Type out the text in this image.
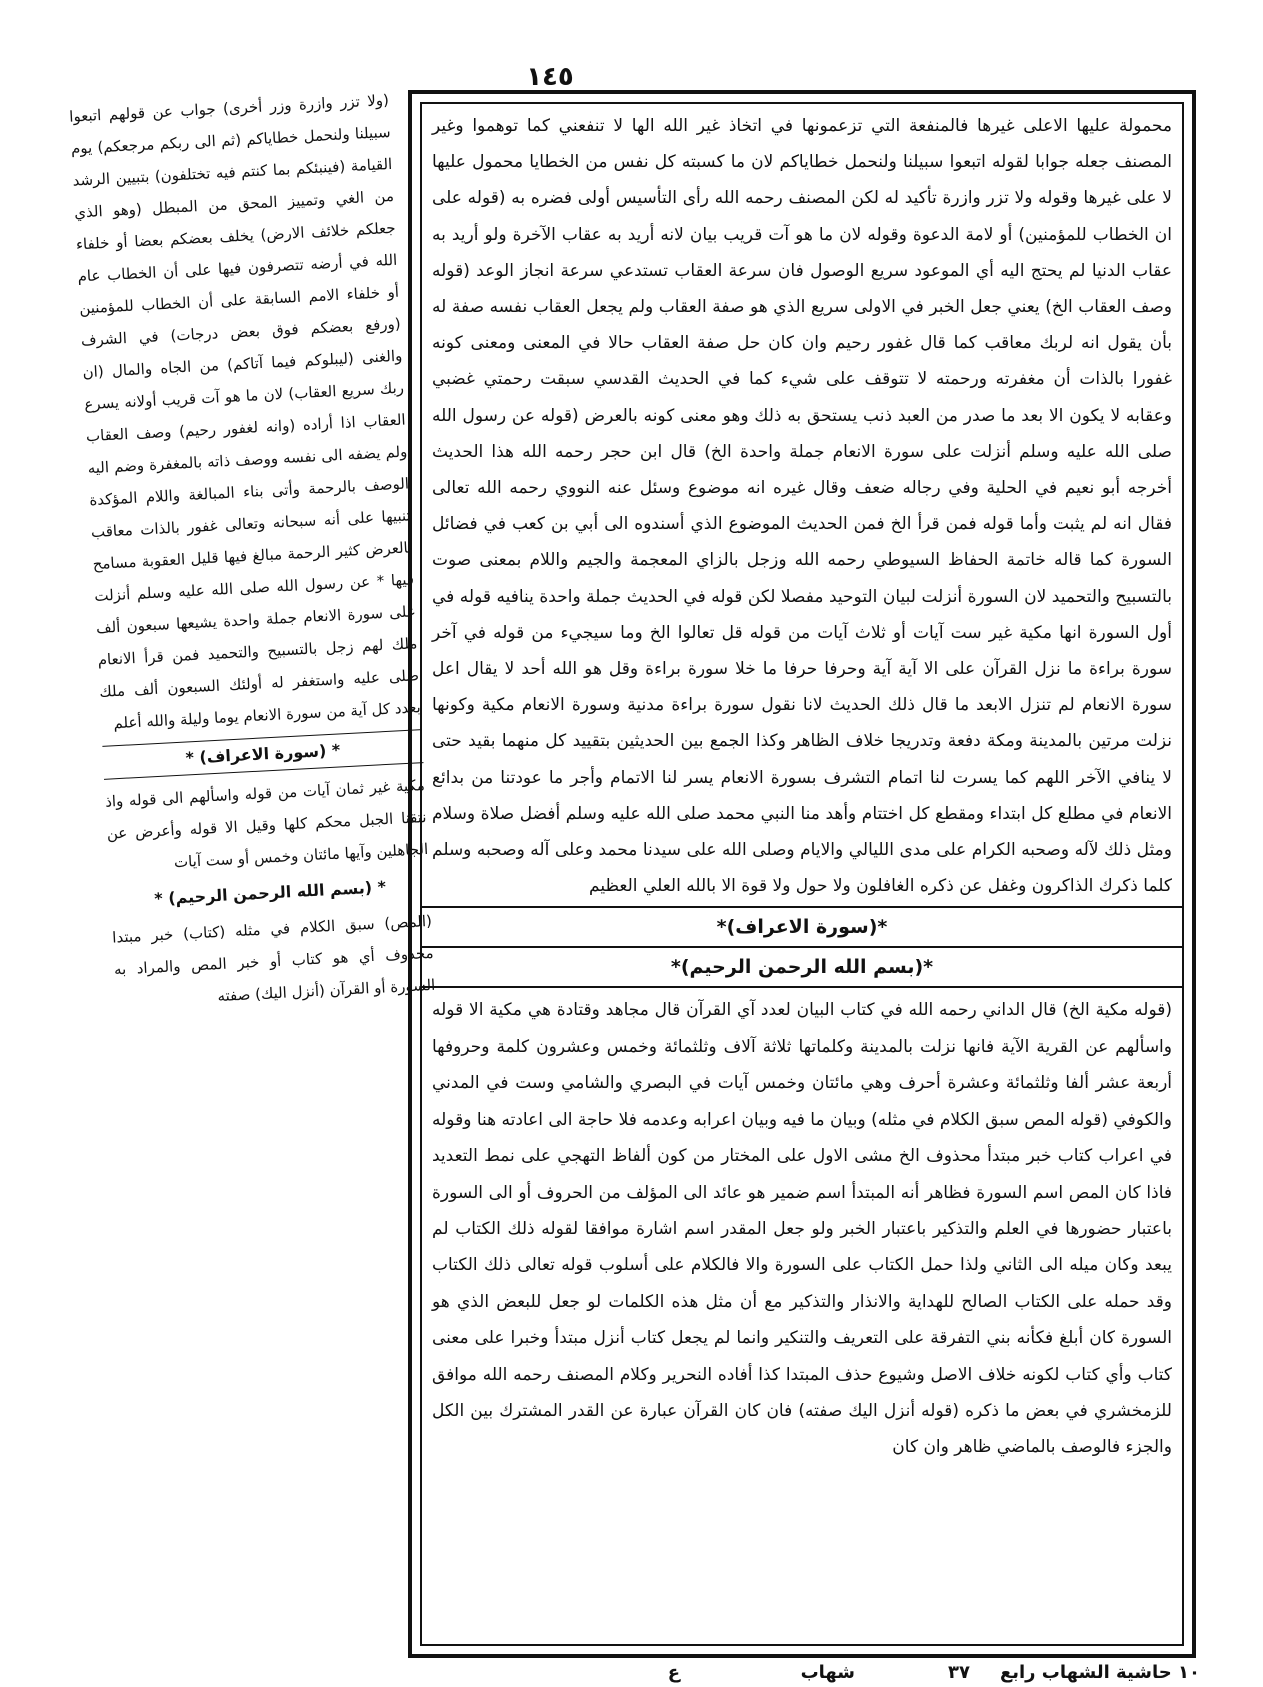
١٤٥

محمولة عليها الاعلى غيرها فالمنفعة التي تزعمونها في اتخاذ غير الله الها لا تنفعني كما توهموا وغير المصنف جعله جوابا لقوله اتبعوا سبيلنا ولنحمل خطاياكم لان ما كسبته كل نفس من الخطايا محمول عليها لا على غيرها وقوله ولا تزر وازرة تأكيد له لكن المصنف رحمه الله رأى التأسيس أولى فضره به (قوله على ان الخطاب للمؤمنين) أو لامة الدعوة وقوله لان ما هو آت قريب بيان لانه أريد به عقاب الآخرة ولو أريد به عقاب الدنيا لم يحتج اليه أي الموعود سريع الوصول فان سرعة العقاب تستدعي سرعة انجاز الوعد (قوله وصف العقاب الخ) يعني جعل الخبر في الاولى سريع الذي هو صفة العقاب ولم يجعل العقاب نفسه صفة له بأن يقول انه لربك معاقب كما قال غفور رحيم وان كان حل صفة العقاب حالا في المعنى ومعنى كونه غفورا بالذات أن مغفرته ورحمته لا تتوقف على شيء كما في الحديث القدسي سبقت رحمتي غضبي وعقابه لا يكون الا بعد ما صدر من العبد ذنب يستحق به ذلك وهو معنى كونه بالعرض (قوله عن رسول الله صلى الله عليه وسلم أنزلت على سورة الانعام جملة واحدة الخ) قال ابن حجر رحمه الله هذا الحديث أخرجه أبو نعيم في الحلية وفي رجاله ضعف وقال غيره انه موضوع وسئل عنه النووي رحمه الله تعالى فقال انه لم يثبت وأما قوله فمن قرأ الخ فمن الحديث الموضوع الذي أسندوه الى أبي بن كعب في فضائل السورة كما قاله خاتمة الحفاظ السيوطي رحمه الله وزجل بالزاي المعجمة والجيم واللام بمعنى صوت بالتسبيح والتحميد لان السورة أنزلت لبيان التوحيد مفصلا لكن قوله في الحديث جملة واحدة ينافيه قوله في أول السورة انها مكية غير ست آيات أو ثلاث آيات من قوله قل تعالوا الخ وما سيجيء من قوله في آخر سورة براءة ما نزل القرآن على الا آية آية وحرفا حرفا ما خلا سورة براءة وقل هو الله أحد لا يقال اعل سورة الانعام لم تنزل الابعد ما قال ذلك الحديث لانا نقول سورة براءة مدنية وسورة الانعام مكية وكونها نزلت مرتين بالمدينة ومكة دفعة وتدريجا خلاف الظاهر وكذا الجمع بين الحديثين بتقييد كل منهما بقيد حتى لا ينافي الآخر اللهم كما يسرت لنا اتمام التشرف بسورة الانعام يسر لنا الاتمام وأجر ما عودتنا من بدائع الانعام في مطلع كل ابتداء ومقطع كل اختتام وأهد منا النبي محمد صلى الله عليه وسلم أفضل صلاة وسلام ومثل ذلك لآله وصحبه الكرام على مدى الليالي والايام وصلى الله على سيدنا محمد وعلى آله وصحبه وسلم كلما ذكرك الذاكرون وغفل عن ذكره الغافلون ولا حول ولا قوة الا بالله العلي العظيم

*(سورة الاعراف)*
*(بسم الله الرحمن الرحيم)*

(قوله مكية الخ) قال الداني رحمه الله في كتاب البيان لعدد آي القرآن قال مجاهد وقتادة هي مكية الا قوله واسألهم عن القرية الآية فانها نزلت بالمدينة وكلماتها ثلاثة آلاف وثلثمائة وخمس وعشرون كلمة وحروفها أربعة عشر ألفا وثلثمائة وعشرة أحرف وهي مائتان وخمس آيات في البصري والشامي وست في المدني والكوفي (قوله المص سبق الكلام في مثله) وبيان ما فيه وبيان اعرابه وعدمه فلا حاجة الى اعادته هنا وقوله في اعراب كتاب خبر مبتدأ محذوف الخ مشى الاول على المختار من كون ألفاظ التهجي على نمط التعديد فاذا كان المص اسم السورة فظاهر أنه المبتدأ اسم ضمير هو عائد الى المؤلف من الحروف أو الى السورة باعتبار حضورها في العلم والتذكير باعتبار الخبر ولو جعل المقدر اسم اشارة موافقا لقوله ذلك الكتاب لم يبعد وكان ميله الى الثاني ولذا حمل الكتاب على السورة والا فالكلام على أسلوب قوله تعالى ذلك الكتاب وقد حمله على الكتاب الصالح للهداية والانذار والتذكير مع أن مثل هذه الكلمات لو جعل للبعض الذي هو السورة كان أبلغ فكأنه بني التفرقة على التعريف والتنكير وانما لم يجعل كتاب أنزل مبتدأ وخبرا على معنى كتاب وأي كتاب لكونه خلاف الاصل وشيوع حذف المبتدا كذا أفاده النحرير وكلام المصنف رحمه الله موافق للزمخشري في بعض ما ذكره (قوله أنزل اليك صفته) فان كان القرآن عبارة عن القدر المشترك بين الكل والجزء فالوصف بالماضي ظاهر وان كان

(ولا تزر وازرة وزر أخرى) جواب عن قولهم اتبعوا سبيلنا ولنحمل خطاياكم (ثم الى ربكم مرجعكم) يوم القيامة (فينبئكم بما كنتم فيه تختلفون) بتبيين الرشد من الغي وتمييز المحق من المبطل (وهو الذي جعلكم خلائف الارض) يخلف بعضكم بعضا أو خلفاء الله في أرضه تتصرفون فيها على أن الخطاب عام أو خلفاء الامم السابقة على أن الخطاب للمؤمنين (ورفع بعضكم فوق بعض درجات) في الشرف والغنى (ليبلوكم فيما آتاكم) من الجاه والمال (ان ربك سريع العقاب) لان ما هو آت قريب أولانه يسرع العقاب اذا أراده (وانه لغفور رحيم) وصف العقاب ولم يضفه الى نفسه ووصف ذاته بالمغفرة وضم اليه الوصف بالرحمة وأتى بناء المبالغة واللام المؤكدة تنبيها على أنه سبحانه وتعالى غفور بالذات معاقب بالعرض كثير الرحمة مبالغ فيها قليل العقوبة مسامح فيها * عن رسول الله صلى الله عليه وسلم أنزلت على سورة الانعام جملة واحدة يشيعها سبعون ألف ملك لهم زجل بالتسبيح والتحميد فمن قرأ الانعام صلى عليه واستغفر له أولئك السبعون ألف ملك بعدد كل آية من سورة الانعام يوما وليلة والله أعلم

* (سورة الاعراف) *

مكية غير ثمان آيات من قوله واسألهم الى قوله واذ نتقنا الجبل محكم كلها وقيل الا قوله وأعرض عن الجاهلين وآيها مائتان وخمس أو ست آيات

* (بسم الله الرحمن الرحيم) *

(المص) سبق الكلام في مثله (كتاب) خبر مبتدا محذوف أي هو كتاب أو خبر المص والمراد به السورة أو القرآن (أنزل اليك) صفته

١٠ حاشية الشهاب رابع
٣٧
شهاب
ع
